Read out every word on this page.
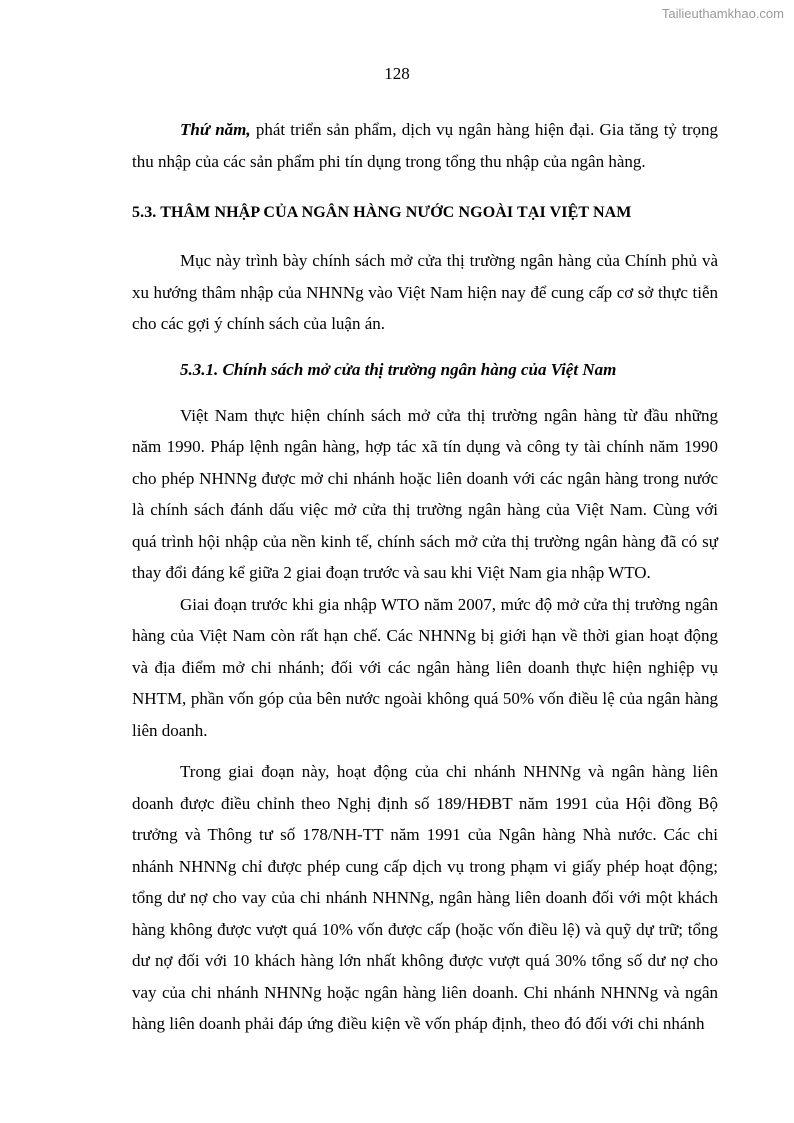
Tailieuthamkhao.com
128

Thứ năm, phát triển sản phẩm, dịch vụ ngân hàng hiện đại. Gia tăng tỷ trọng thu nhập của các sản phẩm phi tín dụng trong tổng thu nhập của ngân hàng.

5.3. THÂM NHẬP CỦA NGÂN HÀNG NƯỚC NGOÀI TẠI VIỆT NAM

Mục này trình bày chính sách mở cửa thị trường ngân hàng của Chính phủ và xu hướng thâm nhập của NHNNg vào Việt Nam hiện nay để cung cấp cơ sở thực tiễn cho các gợi ý chính sách của luận án.

5.3.1. Chính sách mở cửa thị trường ngân hàng của Việt Nam

Việt Nam thực hiện chính sách mở cửa thị trường ngân hàng từ đầu những năm 1990. Pháp lệnh ngân hàng, hợp tác xã tín dụng và công ty tài chính năm 1990 cho phép NHNNg được mở chi nhánh hoặc liên doanh với các ngân hàng trong nước là chính sách đánh dấu việc mở cửa thị trường ngân hàng của Việt Nam. Cùng với quá trình hội nhập của nền kinh tế, chính sách mở cửa thị trường ngân hàng đã có sự thay đổi đáng kể giữa 2 giai đoạn trước và sau khi Việt Nam gia nhập WTO.

Giai đoạn trước khi gia nhập WTO năm 2007, mức độ mở cửa thị trường ngân hàng của Việt Nam còn rất hạn chế. Các NHNNg bị giới hạn về thời gian hoạt động và địa điểm mở chi nhánh; đối với các ngân hàng liên doanh thực hiện nghiệp vụ NHTM, phần vốn góp của bên nước ngoài không quá 50% vốn điều lệ của ngân hàng liên doanh.

Trong giai đoạn này, hoạt động của chi nhánh NHNNg và ngân hàng liên doanh được điều chỉnh theo Nghị định số 189/HĐBT năm 1991 của Hội đồng Bộ trưởng và Thông tư số 178/NH-TT năm 1991 của Ngân hàng Nhà nước. Các chi nhánh NHNNg chỉ được phép cung cấp dịch vụ trong phạm vi giấy phép hoạt động; tổng dư nợ cho vay của chi nhánh NHNNg, ngân hàng liên doanh đối với một khách hàng không được vượt quá 10% vốn được cấp (hoặc vốn điều lệ) và quỹ dự trữ; tổng dư nợ đối với 10 khách hàng lớn nhất không được vượt quá 30% tổng số dư nợ cho vay của chi nhánh NHNNg hoặc ngân hàng liên doanh. Chi nhánh NHNNg và ngân hàng liên doanh phải đáp ứng điều kiện về vốn pháp định, theo đó đối với chi nhánh
